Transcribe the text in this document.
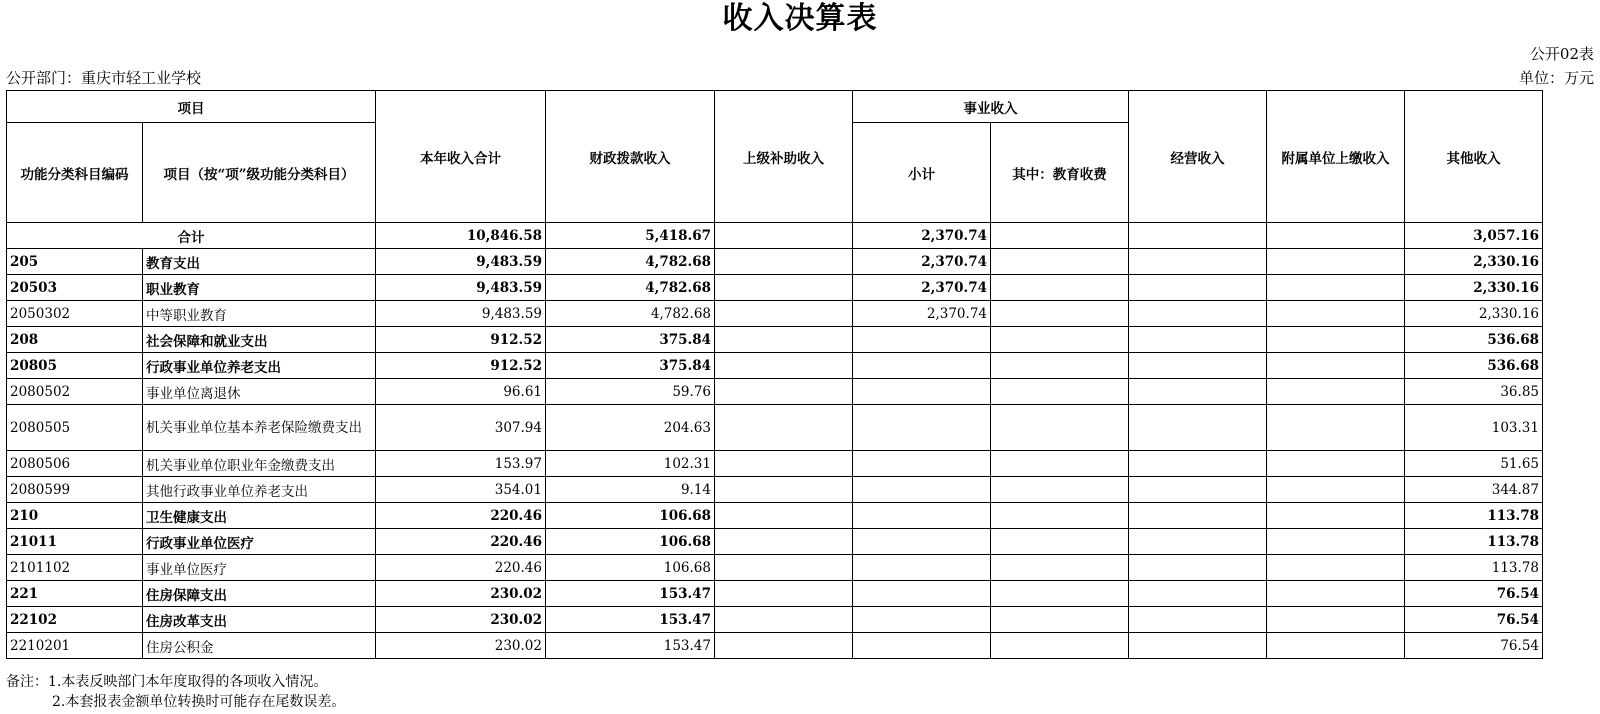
收入决算表
公开02表
公开部门：重庆市轻工业学校	单位：万元
项目		本年收入合计	财政拨款收入	上级补助收入	事业收入		经营收入	附属单位上缴收入	其他收入
功能分类科目编码	项目（按“项”级功能分类科目）				小计	其中：教育收费			
合计		10,846.58	5,418.67		2,370.74				3,057.16
205	教育支出	9,483.59	4,782.68		2,370.74				2,330.16
20503	职业教育	9,483.59	4,782.68		2,370.74				2,330.16
2050302	中等职业教育	9,483.59	4,782.68		2,370.74				2,330.16
208	社会保障和就业支出	912.52	375.84						536.68
20805	行政事业单位养老支出	912.52	375.84						536.68
2080502	事业单位离退休	96.61	59.76						36.85
2080505	机关事业单位基本养老保险缴费支出	307.94	204.63						103.31
2080506	机关事业单位职业年金缴费支出	153.97	102.31						51.65
2080599	其他行政事业单位养老支出	354.01	9.14						344.87
210	卫生健康支出	220.46	106.68						113.78
21011	行政事业单位医疗	220.46	106.68						113.78
2101102	事业单位医疗	220.46	106.68						113.78
221	住房保障支出	230.02	153.47						76.54
22102	住房改革支出	230.02	153.47						76.54
2210201	住房公积金	230.02	153.47						76.54
备注：1.本表反映部门本年度取得的各项收入情况。
2.本套报表金额单位转换时可能存在尾数误差。
